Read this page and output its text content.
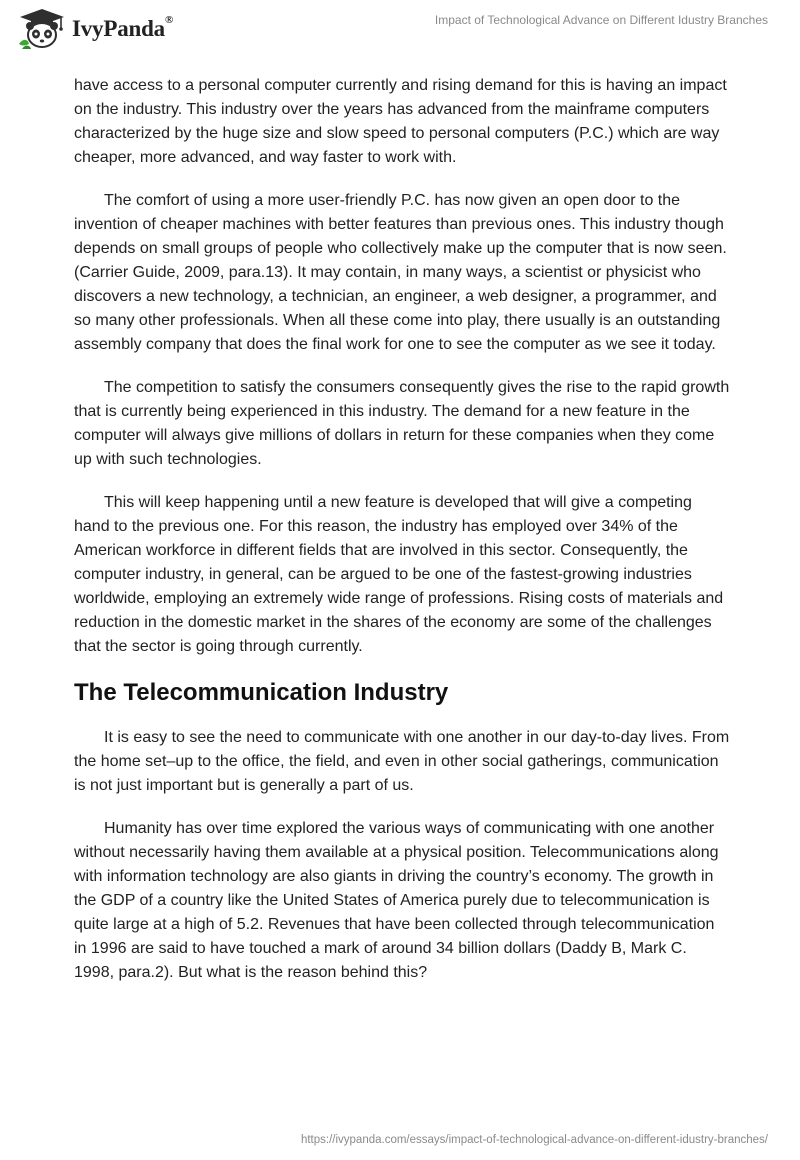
IvyPanda®	Impact of Technological Advance on Different Idustry Branches

have access to a personal computer currently and rising demand for this is having an impact on the industry. This industry over the years has advanced from the mainframe computers characterized by the huge size and slow speed to personal computers (P.C.) which are way cheaper, more advanced, and way faster to work with.

The comfort of using a more user-friendly P.C. has now given an open door to the invention of cheaper machines with better features than previous ones. This industry though depends on small groups of people who collectively make up the computer that is now seen. (Carrier Guide, 2009, para.13). It may contain, in many ways, a scientist or physicist who discovers a new technology, a technician, an engineer, a web designer, a programmer, and so many other professionals. When all these come into play, there usually is an outstanding assembly company that does the final work for one to see the computer as we see it today.

The competition to satisfy the consumers consequently gives the rise to the rapid growth that is currently being experienced in this industry. The demand for a new feature in the computer will always give millions of dollars in return for these companies when they come up with such technologies.

This will keep happening until a new feature is developed that will give a competing hand to the previous one. For this reason, the industry has employed over 34% of the American workforce in different fields that are involved in this sector. Consequently, the computer industry, in general, can be argued to be one of the fastest-growing industries worldwide, employing an extremely wide range of professions. Rising costs of materials and reduction in the domestic market in the shares of the economy are some of the challenges that the sector is going through currently.

The Telecommunication Industry

It is easy to see the need to communicate with one another in our day-to-day lives. From the home set–up to the office, the field, and even in other social gatherings, communication is not just important but is generally a part of us.

Humanity has over time explored the various ways of communicating with one another without necessarily having them available at a physical position. Telecommunications along with information technology are also giants in driving the country’s economy. The growth in the GDP of a country like the United States of America purely due to telecommunication is quite large at a high of 5.2. Revenues that have been collected through telecommunication in 1996 are said to have touched a mark of around 34 billion dollars (Daddy B, Mark C. 1998, para.2). But what is the reason behind this?

https://ivypanda.com/essays/impact-of-technological-advance-on-different-idustry-branches/
